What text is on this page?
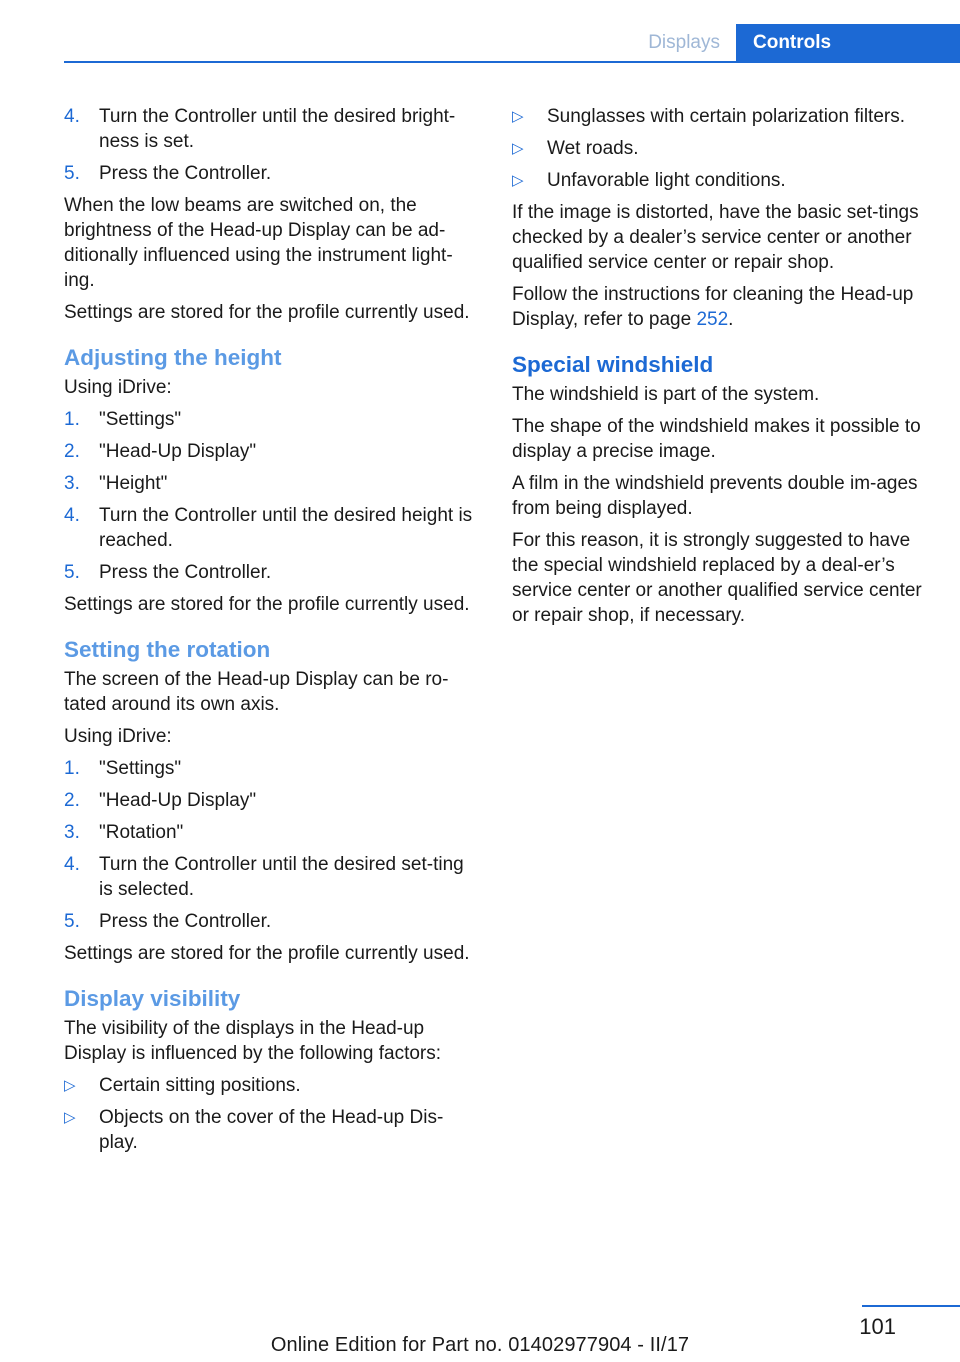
Displays	Controls
4. Turn the Controller until the desired bright‐ness is set.
5. Press the Controller.

When the low beams are switched on, the brightness of the Head-up Display can be ad‐ditionally influenced using the instrument light‐ing.

Settings are stored for the profile currently used.

Adjusting the height

Using iDrive:

1. "Settings"
2. "Head-Up Display"
3. "Height"
4. Turn the Controller until the desired height is reached.
5. Press the Controller.

Settings are stored for the profile currently used.

Setting the rotation

The screen of the Head-up Display can be ro‐tated around its own axis.

Using iDrive:

1. "Settings"
2. "Head-Up Display"
3. "Rotation"
4. Turn the Controller until the desired set‐ting is selected.
5. Press the Controller.

Settings are stored for the profile currently used.

Display visibility

The visibility of the displays in the Head-up Display is influenced by the following factors:

▷ Certain sitting positions.
▷ Objects on the cover of the Head-up Dis‐play.
▷ Sunglasses with certain polarization filters.
▷ Wet roads.
▷ Unfavorable light conditions.

If the image is distorted, have the basic set‐tings checked by a dealer’s service center or another qualified service center or repair shop.

Follow the instructions for cleaning the Head-up Display, refer to page 252.

Special windshield

The windshield is part of the system.

The shape of the windshield makes it possible to display a precise image.

A film in the windshield prevents double im‐ages from being displayed.

For this reason, it is strongly suggested to have the special windshield replaced by a deal‐er’s service center or another qualified service center or repair shop, if necessary.

101
Online Edition for Part no. 01402977904 - II/17
